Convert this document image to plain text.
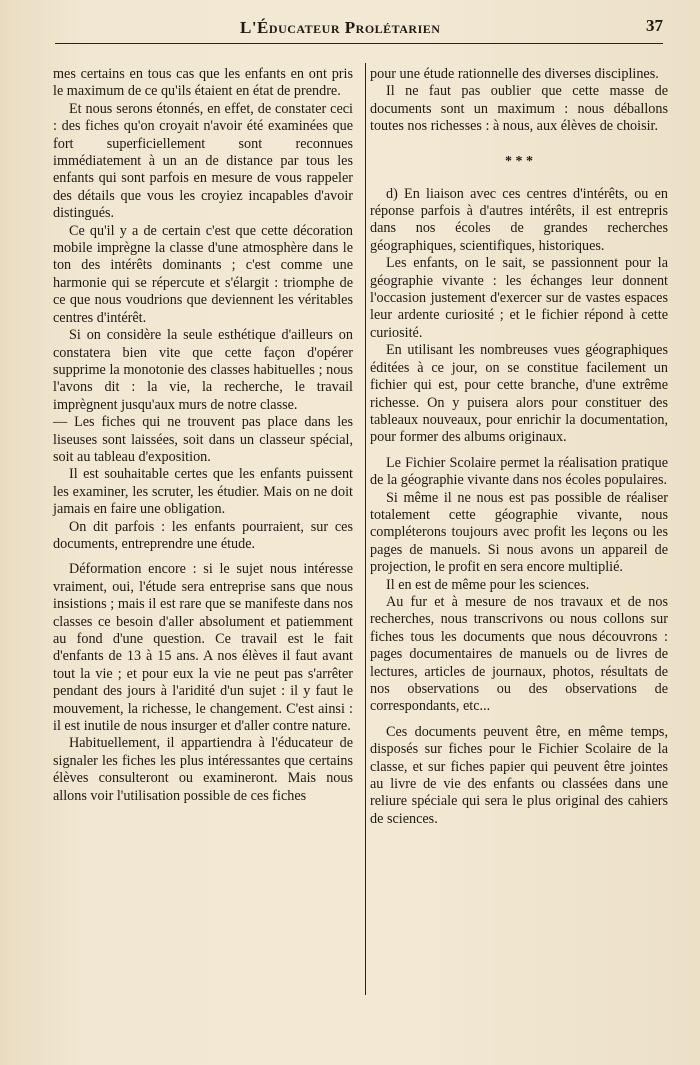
L'Éducateur Prolétarien	37

mes certains en tous cas que les enfants en ont pris le maximum de ce qu'ils étaient en état de prendre.

Et nous serons étonnés, en effet, de constater ceci : des fiches qu'on croyait n'avoir été examinées que fort superficiellement sont reconnues immédiatement à un an de distance par tous les enfants qui sont parfois en mesure de vous rappeler des détails que vous les croyiez incapables d'avoir distingués.

Ce qu'il y a de certain c'est que cette décoration mobile imprègne la classe d'une atmosphère dans le ton des intérêts dominants ; c'est comme une harmonie qui se répercute et s'élargit : triomphe de ce que nous voudrions que deviennent les véritables centres d'intérêt.

Si on considère la seule esthétique d'ailleurs on constatera bien vite que cette façon d'opérer supprime la monotonie des classes habituelles ; nous l'avons dit : la vie, la recherche, le travail imprègnent jusqu'aux murs de notre classe.

— Les fiches qui ne trouvent pas place dans les liseuses sont laissées, soit dans un classeur spécial, soit au tableau d'exposition.

Il est souhaitable certes que les enfants puissent les examiner, les scruter, les étudier. Mais on ne doit jamais en faire une obligation.

On dit parfois : les enfants pourraient, sur ces documents, entreprendre une étude.

Déformation encore : si le sujet nous intéresse vraiment, oui, l'étude sera entreprise sans que nous insistions ; mais il est rare que se manifeste dans nos classes ce besoin d'aller absolument et patiemment au fond d'une question. Ce travail est le fait d'enfants de 13 à 15 ans. A nos élèves il faut avant tout la vie ; et pour eux la vie ne peut pas s'arrêter pendant des jours à l'aridité d'un sujet : il y faut le mouvement, la richesse, le changement. C'est ainsi : il est inutile de nous insurger et d'aller contre nature.

Habituellement, il appartiendra à l'éducateur de signaler les fiches les plus intéressantes que certains élèves consulteront ou examineront. Mais nous allons voir l'utilisation possible de ces fiches

pour une étude rationnelle des diverses disciplines.

Il ne faut pas oublier que cette masse de documents sont un maximum : nous déballons toutes nos richesses : à nous, aux élèves de choisir.

* * *

d) En liaison avec ces centres d'intérêts, ou en réponse parfois à d'autres intérêts, il est entrepris dans nos écoles de grandes recherches géographiques, scientifiques, historiques.

Les enfants, on le sait, se passionnent pour la géographie vivante : les échanges leur donnent l'occasion justement d'exercer sur de vastes espaces leur ardente curiosité ; et le fichier répond à cette curiosité.

En utilisant les nombreuses vues géographiques éditées à ce jour, on se constitue facilement un fichier qui est, pour cette branche, d'une extrême richesse. On y puisera alors pour constituer des tableaux nouveaux, pour enrichir la documentation, pour former des albums originaux.

Le Fichier Scolaire permet la réalisation pratique de la géographie vivante dans nos écoles populaires.

Si même il ne nous est pas possible de réaliser totalement cette géographie vivante, nous compléterons toujours avec profit les leçons ou les pages de manuels. Si nous avons un appareil de projection, le profit en sera encore multiplié.

Il en est de même pour les sciences.

Au fur et à mesure de nos travaux et de nos recherches, nous transcrivons ou nous collons sur fiches tous les documents que nous découvrons : pages documentaires de manuels ou de livres de lectures, articles de journaux, photos, résultats de nos observations ou des observations de correspondants, etc...

Ces documents peuvent être, en même temps, disposés sur fiches pour le Fichier Scolaire de la classe, et sur fiches papier qui peuvent être jointes au livre de vie des enfants ou classées dans une reliure spéciale qui sera le plus original des cahiers de sciences.
